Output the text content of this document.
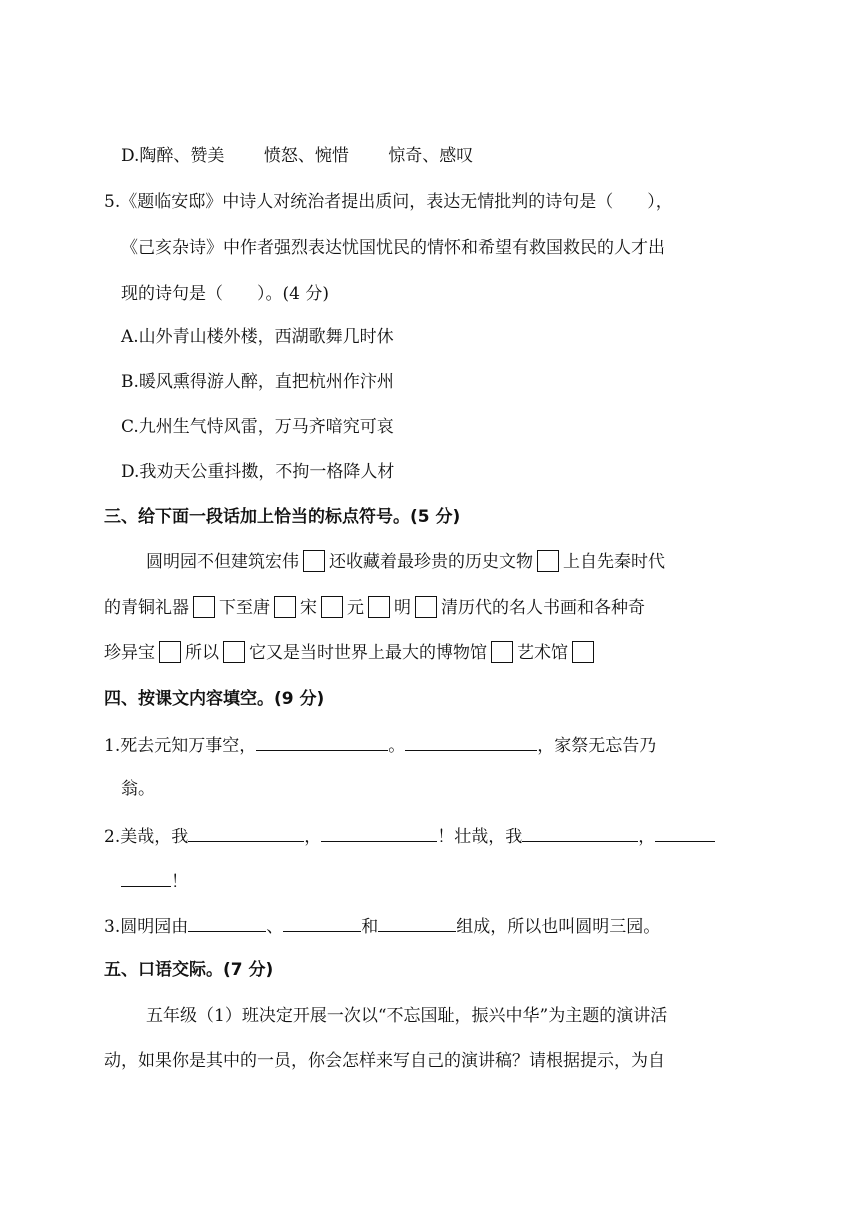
D.陶醉、赞美　　 愤怒、惋惜　　 惊奇、感叹
5.《题临安邸》中诗人对统治者提出质问，表达无情批判的诗句是（　　），
《己亥杂诗》中作者强烈表达忧国忧民的情怀和希望有救国救民的人才出
现的诗句是（　　）。(4 分)
A.山外青山楼外楼，西湖歌舞几时休
B.暖风熏得游人醉，直把杭州作汴州
C.九州生气恃风雷，万马齐喑究可哀
D.我劝天公重抖擞，不拘一格降人材
三、给下面一段话加上恰当的标点符号。(5 分)
圆明园不但建筑宏伟 还收藏着最珍贵的历史文物 上自先秦时代
的青铜礼器 下至唐 宋 元 明 清历代的名人书画和各种奇
珍异宝 所以 它又是当时世界上最大的博物馆 艺术馆
四、按课文内容填空。(9 分)
1.死去元知万事空，	。	，家祭无忘告乃
翁。
2.美哉，我	，	！壮哉，我	，
！
3.圆明园由	、	和	组成，所以也叫圆明三园。
五、口语交际。(7 分)
五年级（1）班决定开展一次以“不忘国耻，振兴中华”为主题的演讲活
动，如果你是其中的一员，你会怎样来写自己的演讲稿？请根据提示，为自
